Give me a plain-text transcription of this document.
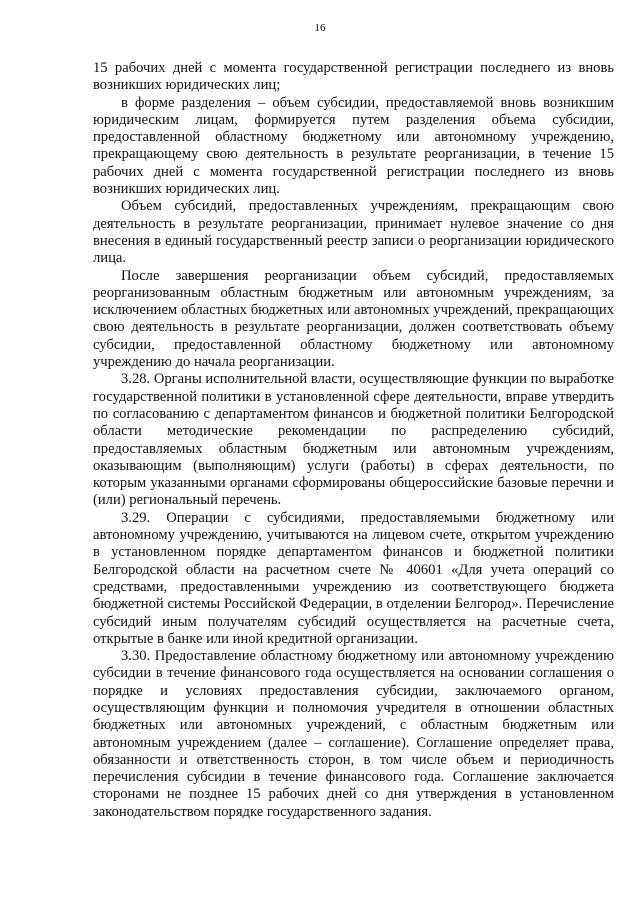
16

15 рабочих дней с момента государственной регистрации последнего из вновь возникших юридических лиц;

в форме разделения – объем субсидии, предоставляемой вновь возникшим юридическим лицам, формируется путем разделения объема субсидии, предоставленной областному бюджетному или автономному учреждению, прекращающему свою деятельность в результате реорганизации, в течение 15 рабочих дней с момента государственной регистрации последнего из вновь возникших юридических лиц.

Объем субсидий, предоставленных учреждениям, прекращающим свою деятельность в результате реорганизации, принимает нулевое значение со дня внесения в единый государственный реестр записи о реорганизации юридического лица.

После завершения реорганизации объем субсидий, предоставляемых реорганизованным областным бюджетным или автономным учреждениям, за исключением областных бюджетных или автономных учреждений, прекращающих свою деятельность в результате реорганизации, должен соответствовать объему субсидии, предоставленной областному бюджетному или автономному учреждению до начала реорганизации.

3.28. Органы исполнительной власти, осуществляющие функции по выработке государственной политики в установленной сфере деятельности, вправе утвердить по согласованию с департаментом финансов и бюджетной политики Белгородской области методические рекомендации по распределению субсидий, предоставляемых областным бюджетным или автономным учреждениям, оказывающим (выполняющим) услуги (работы) в сферах деятельности, по которым указанными органами сформированы общероссийские базовые перечни и (или) региональный перечень.

3.29. Операции с субсидиями, предоставляемыми бюджетному или автономному учреждению, учитываются на лицевом счете, открытом учреждению в установленном порядке департаментом финансов и бюджетной политики Белгородской области на расчетном счете № 40601 «Для учета операций со средствами, предоставленными учреждению из соответствующего бюджета бюджетной системы Российской Федерации, в отделении Белгород». Перечисление субсидий иным получателям субсидий осуществляется на расчетные счета, открытые в банке или иной кредитной организации.

3.30. Предоставление областному бюджетному или автономному учреждению субсидии в течение финансового года осуществляется на основании соглашения о порядке и условиях предоставления субсидии, заключаемого органом, осуществляющим функции и полномочия учредителя в отношении областных бюджетных или автономных учреждений, с областным бюджетным или автономным учреждением (далее – соглашение). Соглашение определяет права, обязанности и ответственность сторон, в том числе объем и периодичность перечисления субсидии в течение финансового года. Соглашение заключается сторонами не позднее 15 рабочих дней со дня утверждения в установленном законодательством порядке государственного задания.
